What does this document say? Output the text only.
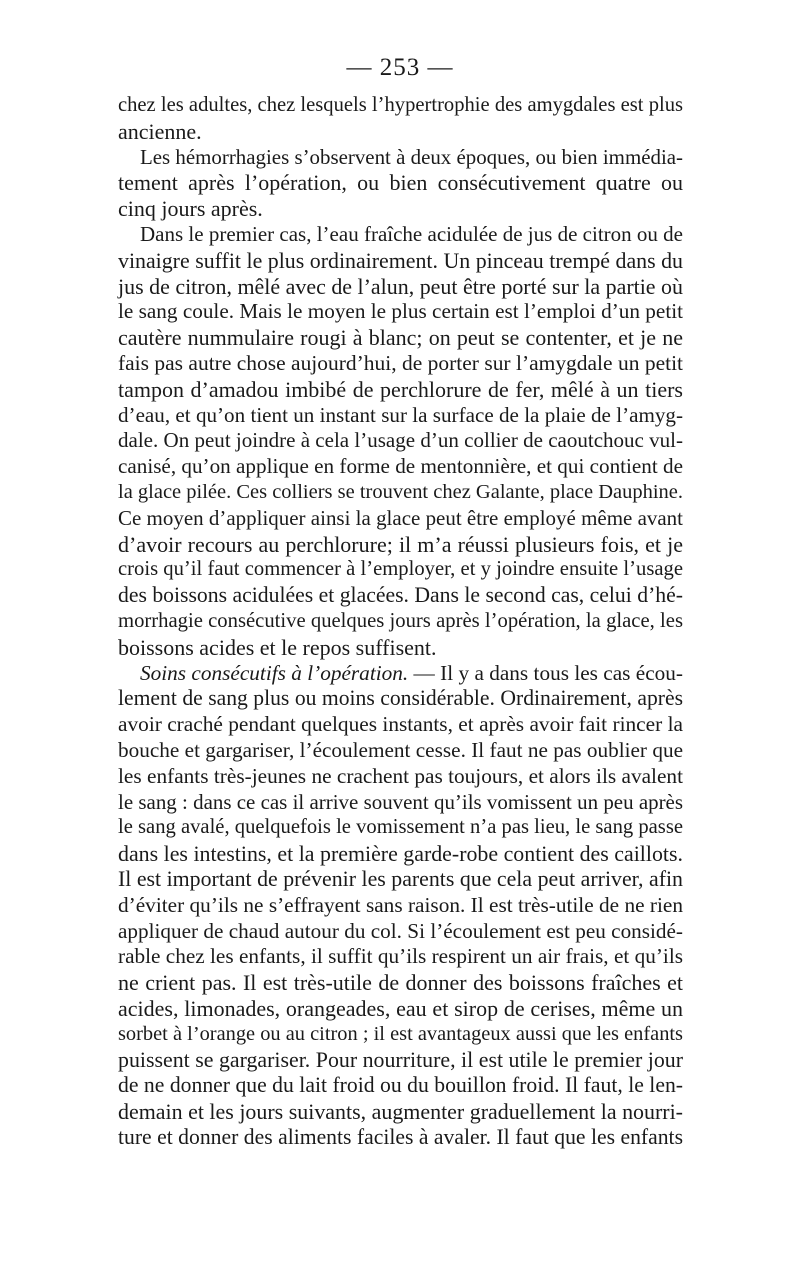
— 253 —
chez les adultes, chez lesquels l’hypertrophie des amygdales est plus
ancienne.
Les hémorrhagies s’observent à deux époques, ou bien immédia-
tement après l’opération, ou bien consécutivement quatre ou
cinq jours après.
Dans le premier cas, l’eau fraîche acidulée de jus de citron ou de
vinaigre suffit le plus ordinairement. Un pinceau trempé dans du
jus de citron, mêlé avec de l’alun, peut être porté sur la partie où
le sang coule. Mais le moyen le plus certain est l’emploi d’un petit
cautère nummulaire rougi à blanc; on peut se contenter, et je ne
fais pas autre chose aujourd’hui, de porter sur l’amygdale un petit
tampon d’amadou imbibé de perchlorure de fer, mêlé à un tiers
d’eau, et qu’on tient un instant sur la surface de la plaie de l’amyg-
dale. On peut joindre à cela l’usage d’un collier de caoutchouc vul-
canisé, qu’on applique en forme de mentonnière, et qui contient de
la glace pilée. Ces colliers se trouvent chez Galante, place Dauphine.
Ce moyen d’appliquer ainsi la glace peut être employé même avant
d’avoir recours au perchlorure; il m’a réussi plusieurs fois, et je
crois qu’il faut commencer à l’employer, et y joindre ensuite l’usage
des boissons acidulées et glacées. Dans le second cas, celui d’hé-
morrhagie consécutive quelques jours après l’opération, la glace, les
boissons acides et le repos suffisent.
Soins consécutifs à l’opération. — Il y a dans tous les cas écou-
lement de sang plus ou moins considérable. Ordinairement, après
avoir craché pendant quelques instants, et après avoir fait rincer la
bouche et gargariser, l’écoulement cesse. Il faut ne pas oublier que
les enfants très-jeunes ne crachent pas toujours, et alors ils avalent
le sang : dans ce cas il arrive souvent qu’ils vomissent un peu après
le sang avalé, quelquefois le vomissement n’a pas lieu, le sang passe
dans les intestins, et la première garde-robe contient des caillots.
Il est important de prévenir les parents que cela peut arriver, afin
d’éviter qu’ils ne s’effrayent sans raison. Il est très-utile de ne rien
appliquer de chaud autour du col. Si l’écoulement est peu considé-
rable chez les enfants, il suffit qu’ils respirent un air frais, et qu’ils
ne crient pas. Il est très-utile de donner des boissons fraîches et
acides, limonades, orangeades, eau et sirop de cerises, même un
sorbet à l’orange ou au citron ; il est avantageux aussi que les enfants
puissent se gargariser. Pour nourriture, il est utile le premier jour
de ne donner que du lait froid ou du bouillon froid. Il faut, le len-
demain et les jours suivants, augmenter graduellement la nourri-
ture et donner des aliments faciles à avaler. Il faut que les enfants
